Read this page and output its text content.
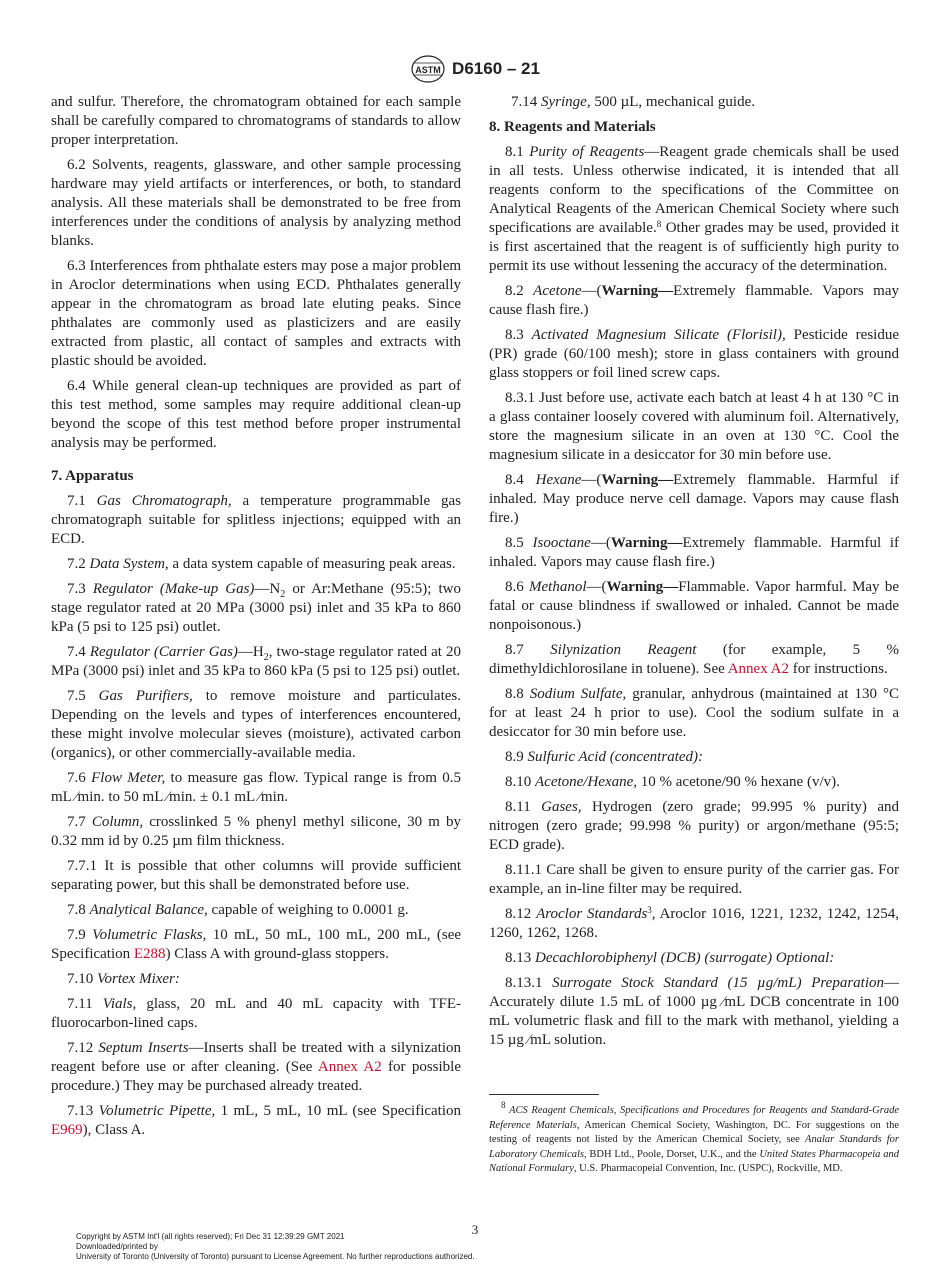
ASTM D6160 – 21

and sulfur. Therefore, the chromatogram obtained for each sample shall be carefully compared to chromatograms of standards to allow proper interpretation.

6.2 Solvents, reagents, glassware, and other sample processing hardware may yield artifacts or interferences, or both, to standard analysis. All these materials shall be demonstrated to be free from interferences under the conditions of analysis by analyzing method blanks.

6.3 Interferences from phthalate esters may pose a major problem in Aroclor determinations when using ECD. Phthalates generally appear in the chromatogram as broad late eluting peaks. Since phthalates are commonly used as plasticizers and are easily extracted from plastic, all contact of samples and extracts with plastic should be avoided.

6.4 While general clean-up techniques are provided as part of this test method, some samples may require additional clean-up beyond the scope of this test method before proper instrumental analysis may be performed.

7. Apparatus

7.1 Gas Chromatograph, a temperature programmable gas chromatograph suitable for splitless injections; equipped with an ECD.

7.2 Data System, a data system capable of measuring peak areas.

7.3 Regulator (Make-up $Gas)—N_2$ or Ar:Methane (95:5); two stage regulator rated at 20 MPa (3000 psi) inlet and 35 kPa to 860 kPa (5 psi to 125 psi) outlet.

7.4 Regulator (Carrier $Gas)—H_2$, two-stage regulator rated at 20 MPa (3000 psi) inlet and 35 kPa to 860 kPa (5 psi to 125 psi) outlet.

7.5 Gas Purifiers, to remove moisture and particulates. Depending on the levels and types of interferences encountered, these might involve molecular sieves (moisture), activated carbon (organics), or other commercially-available media.

7.6 Flow Meter, to measure gas flow. Typical range is from 0.5 mL ⁄min. to 50 mL ⁄min. ± 0.1 mL ⁄min.

7.7 Column, crosslinked 5 % phenyl methyl silicone, 30 m by 0.32 mm id by 0.25 µm film thickness.

7.7.1 It is possible that other columns will provide sufficient separating power, but this shall be demonstrated before use.

7.8 Analytical Balance, capable of weighing to 0.0001 g.

7.9 Volumetric Flasks, 10 mL, 50 mL, 100 mL, 200 mL, (see Specification E288) Class A with ground-glass stoppers.

7.10 Vortex Mixer:

7.11 Vials, glass, 20 mL and 40 mL capacity with TFE-fluorocarbon-lined caps.

7.12 Septum Inserts—Inserts shall be treated with a silynization reagent before use or after cleaning. (See Annex A2 for possible procedure.) They may be purchased already treated.

7.13 Volumetric Pipette, 1 mL, 5 mL, 10 mL (see Specification E969), Class A.

7.14 Syringe, 500 µL, mechanical guide.

8. Reagents and Materials

8.1 Purity of Reagents—Reagent grade chemicals shall be used in all tests. Unless otherwise indicated, it is intended that all reagents conform to the specifications of the Committee on Analytical Reagents of the American Chemical Society where such specifications are available.$^8$ Other grades may be used, provided it is first ascertained that the reagent is of sufficiently high purity to permit its use without lessening the accuracy of the determination.

8.2 Acetone—(Warning—Extremely flammable. Vapors may cause flash fire.)

8.3 Activated Magnesium Silicate (Florisil), Pesticide residue (PR) grade (60/100 mesh); store in glass containers with ground glass stoppers or foil lined screw caps.

8.3.1 Just before use, activate each batch at least 4 h at 130 °C in a glass container loosely covered with aluminum foil. Alternatively, store the magnesium silicate in an oven at 130 °C. Cool the magnesium silicate in a desiccator for 30 min before use.

8.4 Hexane—(Warning—Extremely flammable. Harmful if inhaled. May produce nerve cell damage. Vapors may cause flash fire.)

8.5 Isooctane—(Warning—Extremely flammable. Harmful if inhaled. Vapors may cause flash fire.)

8.6 Methanol—(Warning—Flammable. Vapor harmful. May be fatal or cause blindness if swallowed or inhaled. Cannot be made nonpoisonous.)

8.7 Silynization Reagent (for example, 5 % dimethyldichlorosilane in toluene). See Annex A2 for instructions.

8.8 Sodium Sulfate, granular, anhydrous (maintained at 130 °C for at least 24 h prior to use). Cool the sodium sulfate in a desiccator for 30 min before use.

8.9 Sulfuric Acid (concentrated):

8.10 Acetone/Hexane, 10 % acetone/90 % hexane (v/v).

8.11 Gases, Hydrogen (zero grade; 99.995 % purity) and nitrogen (zero grade; 99.998 % purity) or argon/methane (95:5; ECD grade).

8.11.1 Care shall be given to ensure purity of the carrier gas. For example, an in-line filter may be required.

8.12 Aroclor Standards$^3$, Aroclor 1016, 1221, 1232, 1242, 1254, 1260, 1262, 1268.

8.13 Decachlorobiphenyl (DCB) (surrogate) Optional:

8.13.1 Surrogate Stock Standard (15 µg/mL) Preparation—Accurately dilute 1.5 mL of 1000 µg ⁄mL DCB concentrate in 100 mL volumetric flask and fill to the mark with methanol, yielding a 15 µg ⁄mL solution.

$^8$ ACS Reagent Chemicals, Specifications and Procedures for Reagents and Standard-Grade Reference Materials, American Chemical Society, Washington, DC. For suggestions on the testing of reagents not listed by the American Chemical Society, see Analar Standards for Laboratory Chemicals, BDH Ltd., Poole, Dorset, U.K., and the United States Pharmacopeia and National Formulary, U.S. Pharmacopeial Convention, Inc. (USPC), Rockville, MD.

3
Copyright by ASTM Int'l (all rights reserved); Fri Dec 31 12:39:29 GMT 2021
Downloaded/printed by
University of Toronto (University of Toronto) pursuant to License Agreement. No further reproductions authorized.
